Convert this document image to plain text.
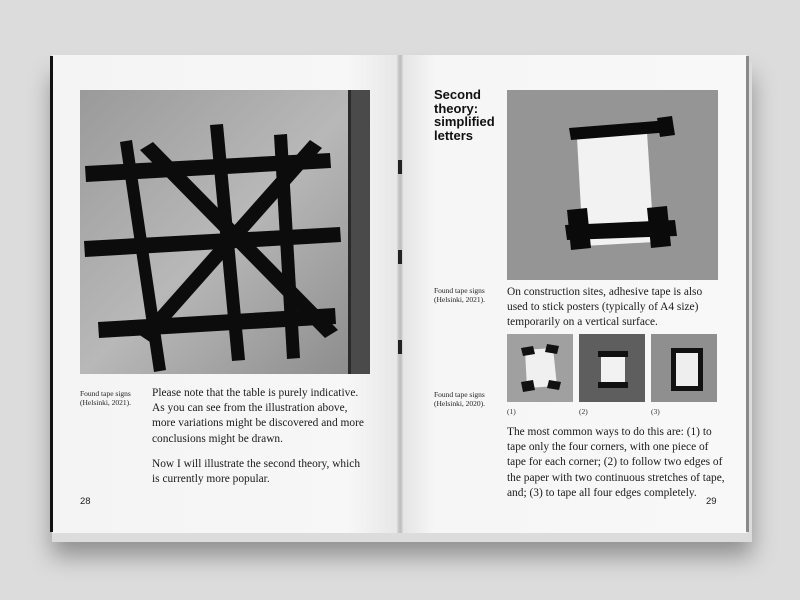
Found tape signs
(Helsinki, 2021).

Please note that the table is purely indicative. As you can see from the illustration above, more variations might be discovered and more conclusions might be drawn.

Now I will illustrate the second theory, which is currently more popular.

28
Second
theory:
simplified
letters
Found tape signs
(Helsinki, 2021).

On construction sites, adhesive tape is also used to stick posters (typically of A4 size) temporarily on a vertical surface.

Found tape signs
(Helsinki, 2020).
(1)	(2)	(3)

The most common ways to do this are: (1) to tape only the four corners, with one piece of tape for each corner; (2) to follow two edges of the paper with two continuous stretches of tape, and; (3) to tape all four edges completely.

29
